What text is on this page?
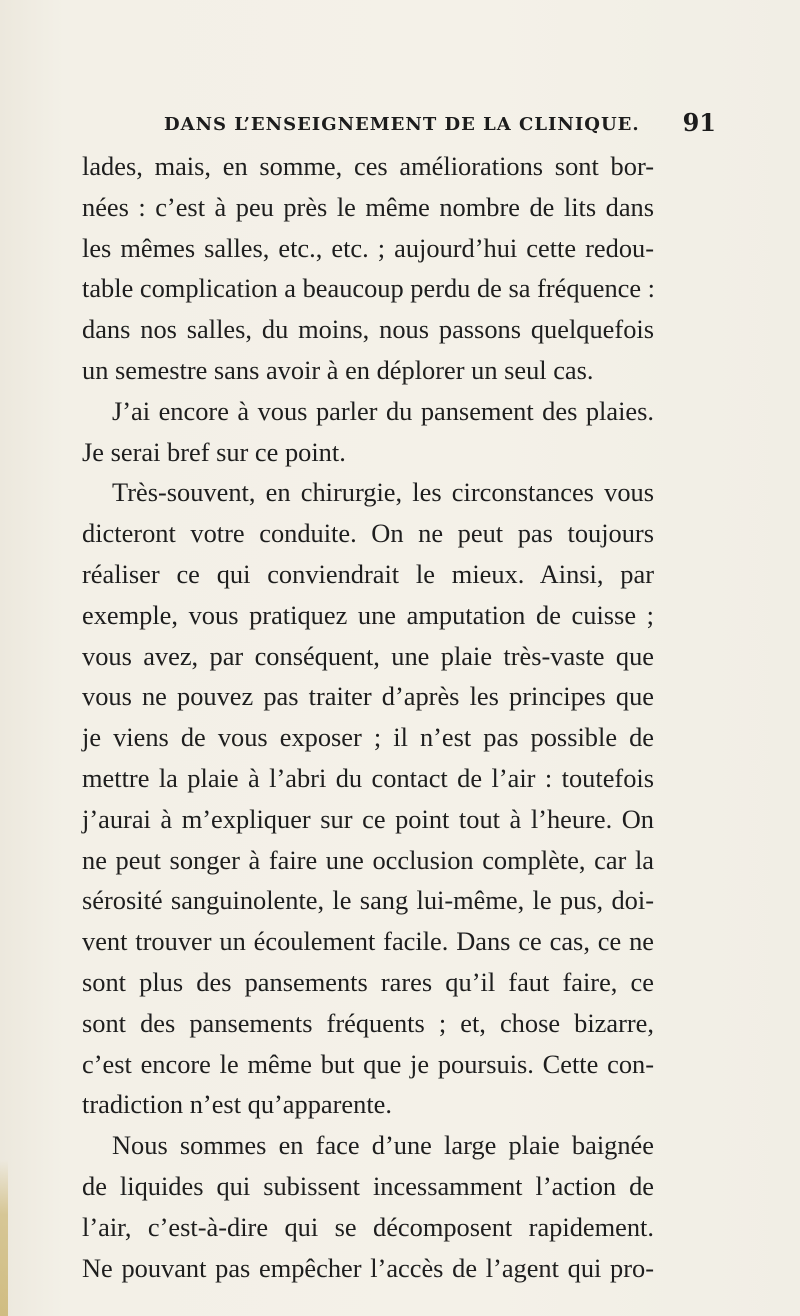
DANS L’ENSEIGNEMENT DE LA CLINIQUE. 91
lades, mais, en somme, ces améliorations sont bor-
nées : c’est à peu près le même nombre de lits dans
les mêmes salles, etc., etc. ; aujourd’hui cette redou-
table complication a beaucoup perdu de sa fréquence :
dans nos salles, du moins, nous passons quelquefois
un semestre sans avoir à en déplorer un seul cas.
J’ai encore à vous parler du pansement des plaies.
Je serai bref sur ce point.
Très-souvent, en chirurgie, les circonstances vous
dicteront votre conduite. On ne peut pas toujours
réaliser ce qui conviendrait le mieux. Ainsi, par
exemple, vous pratiquez une amputation de cuisse ;
vous avez, par conséquent, une plaie très-vaste que
vous ne pouvez pas traiter d’après les principes que
je viens de vous exposer ; il n’est pas possible de
mettre la plaie à l’abri du contact de l’air : toutefois
j’aurai à m’expliquer sur ce point tout à l’heure. On
ne peut songer à faire une occlusion complète, car la
sérosité sanguinolente, le sang lui-même, le pus, doi-
vent trouver un écoulement facile. Dans ce cas, ce ne
sont plus des pansements rares qu’il faut faire, ce
sont des pansements fréquents ; et, chose bizarre,
c’est encore le même but que je poursuis. Cette con-
tradiction n’est qu’apparente.
Nous sommes en face d’une large plaie baignée
de liquides qui subissent incessamment l’action de
l’air, c’est-à-dire qui se décomposent rapidement.
Ne pouvant pas empêcher l’accès de l’agent qui pro-
